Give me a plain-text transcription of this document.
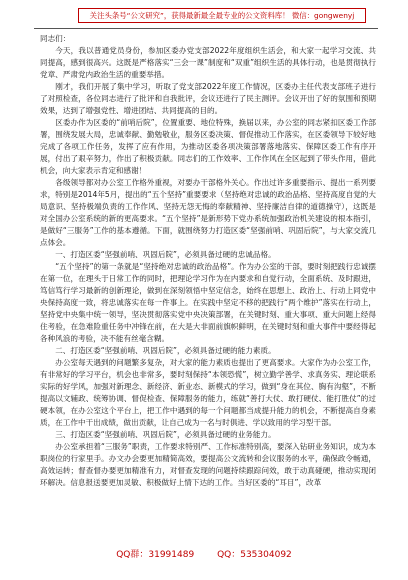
关注头条号“公文研究”，获得最新最全最专业的公文资料库！ 微信：gongwenyj

同志们：

今天，我以普通党员身份，参加区委办党支部2022年度组织生活会，和大家一起学习交流、共同提高，感到很高兴。这既是严格落实“三会一课”制度和“双重”组织生活的具体行动，也是贯彻执行党章、严肃党内政治生活的重要举措。

刚才，我们开展了集中学习，听取了党支部2022年度工作情况，区委办主任代表支部班子进行了对照检查，各位同志进行了批评和自我批评，会议还进行了民主测评。会议开出了好的氛围和预期效果，达到了增强党性、增进团结、共同提高的目的。

区委办作为区委的“前哨后院”，位置重要、地位特殊，换届以来，办公室的同志紧扣区委工作部署，围绕发展大局，忠诚奉献、勤勉敬业，服务区委决策、督促推动工作落实，在区委领导下较好地完成了各项工作任务，发挥了应有作用，为推动区委各项决策部署落地落实、保障区委工作有序开展，付出了艰辛努力，作出了积极贡献。同志们的工作效率、工作作风在全区起到了带头作用，借此机会，向大家表示肯定和感谢！

各级领导都对办公室工作格外重视，对要办干部格外关心。作出过许多重要指示、提出一系列要求，特别是2014年5月，提出的“五个坚持”重要要求（坚持绝对忠诚的政治品格、坚持高度自觉的大局意识、坚持极端负责的工作作风、坚持无怨无悔的奉献精神、坚持廉洁自律的道德操守），这既是对全国办公室系统的新的更高要求。“五个坚持”是新形势下党办系统加强政治机关建设的根本指引，是做好“三服务”工作的基本遵循。下面，就围绕努力打造区委“坚强前哨、巩固后院”，与大家交流几点体会。

一、打造区委“坚强前哨、巩固后院”，必须具备过硬的忠诚品格。

“五个坚持”的第一条就是“坚持绝对忠诚的政治品格”。作为办公室的干部，要时刻把践行忠诚摆在第一位，在理头于日常工作的同时，把理论学习作为在内要求和自觉行动，全面系统、及时跟进，笃信笃行学习最新的创新理论，做到在深刻领悟中坚定信念，始终在思想上、政治上、行动上同党中央保持高度一致，将忠诚落实在每一件事上。在实践中坚定不移的把践行“两个维护”落实在行动上，坚持党中央集中统一领导，坚决贯彻落实党中央决策部署，在关键时刻、重大事项、重大问题上经得住考验，在急难险重任务中冲锋在前，在大是大非面前旗帜鲜明，在关键时刻和重大事件中要经得起各种风浪的考验，决不能有丝毫含糊。

二、打造区委“坚强前哨、巩固后院”，必须具备过硬的能力素质。

办公室每天遇到的问题繁多复杂，对大家的能力素质也提出了更高要求。大家作为办公室工作，有非常好的学习平台，机会也非常多，要时刻保持“本领恐慌”，树立勤学善学、求真务实、理论联系实际的好学风，加强对新理念、新经济、新业态、新模式的学习，做到“身在其位、胸有沟壑”，不断提高以文辅政、统筹协调、督促检查、保障服务的能力，练就“善打大仗、敢打硬仗、能打胜仗”的过硬本领，在办公室这个平台上，把工作中遇到的每一个问题都当成提升能力的机会，不断提高自身素质，在工作中干出成绩，做出贡献，让自己成为一名与时俱进、学以致用的学习型干部。

三、打造区委“坚强前哨、巩固后院”，必须具备过硬的业务能力。

办公室承担着“三服务”职责，工作要求特别严、工作标准特别高，要深入钻研业务知识，成为本职岗位的行家里手。办文办会要更加精简高效，要提高公文流转和会议服务的水平，确保政令畅通，高效运转；督查督办要更加精准有力，对督查发现的问题持续跟踪问效，敢于动真碰硬，推动实现闭环解决。信息报送要更加灵敏、积极做好上情下达的工作。当好区委的“耳目”，改革

QQ群：31991489	QQ：535304092
